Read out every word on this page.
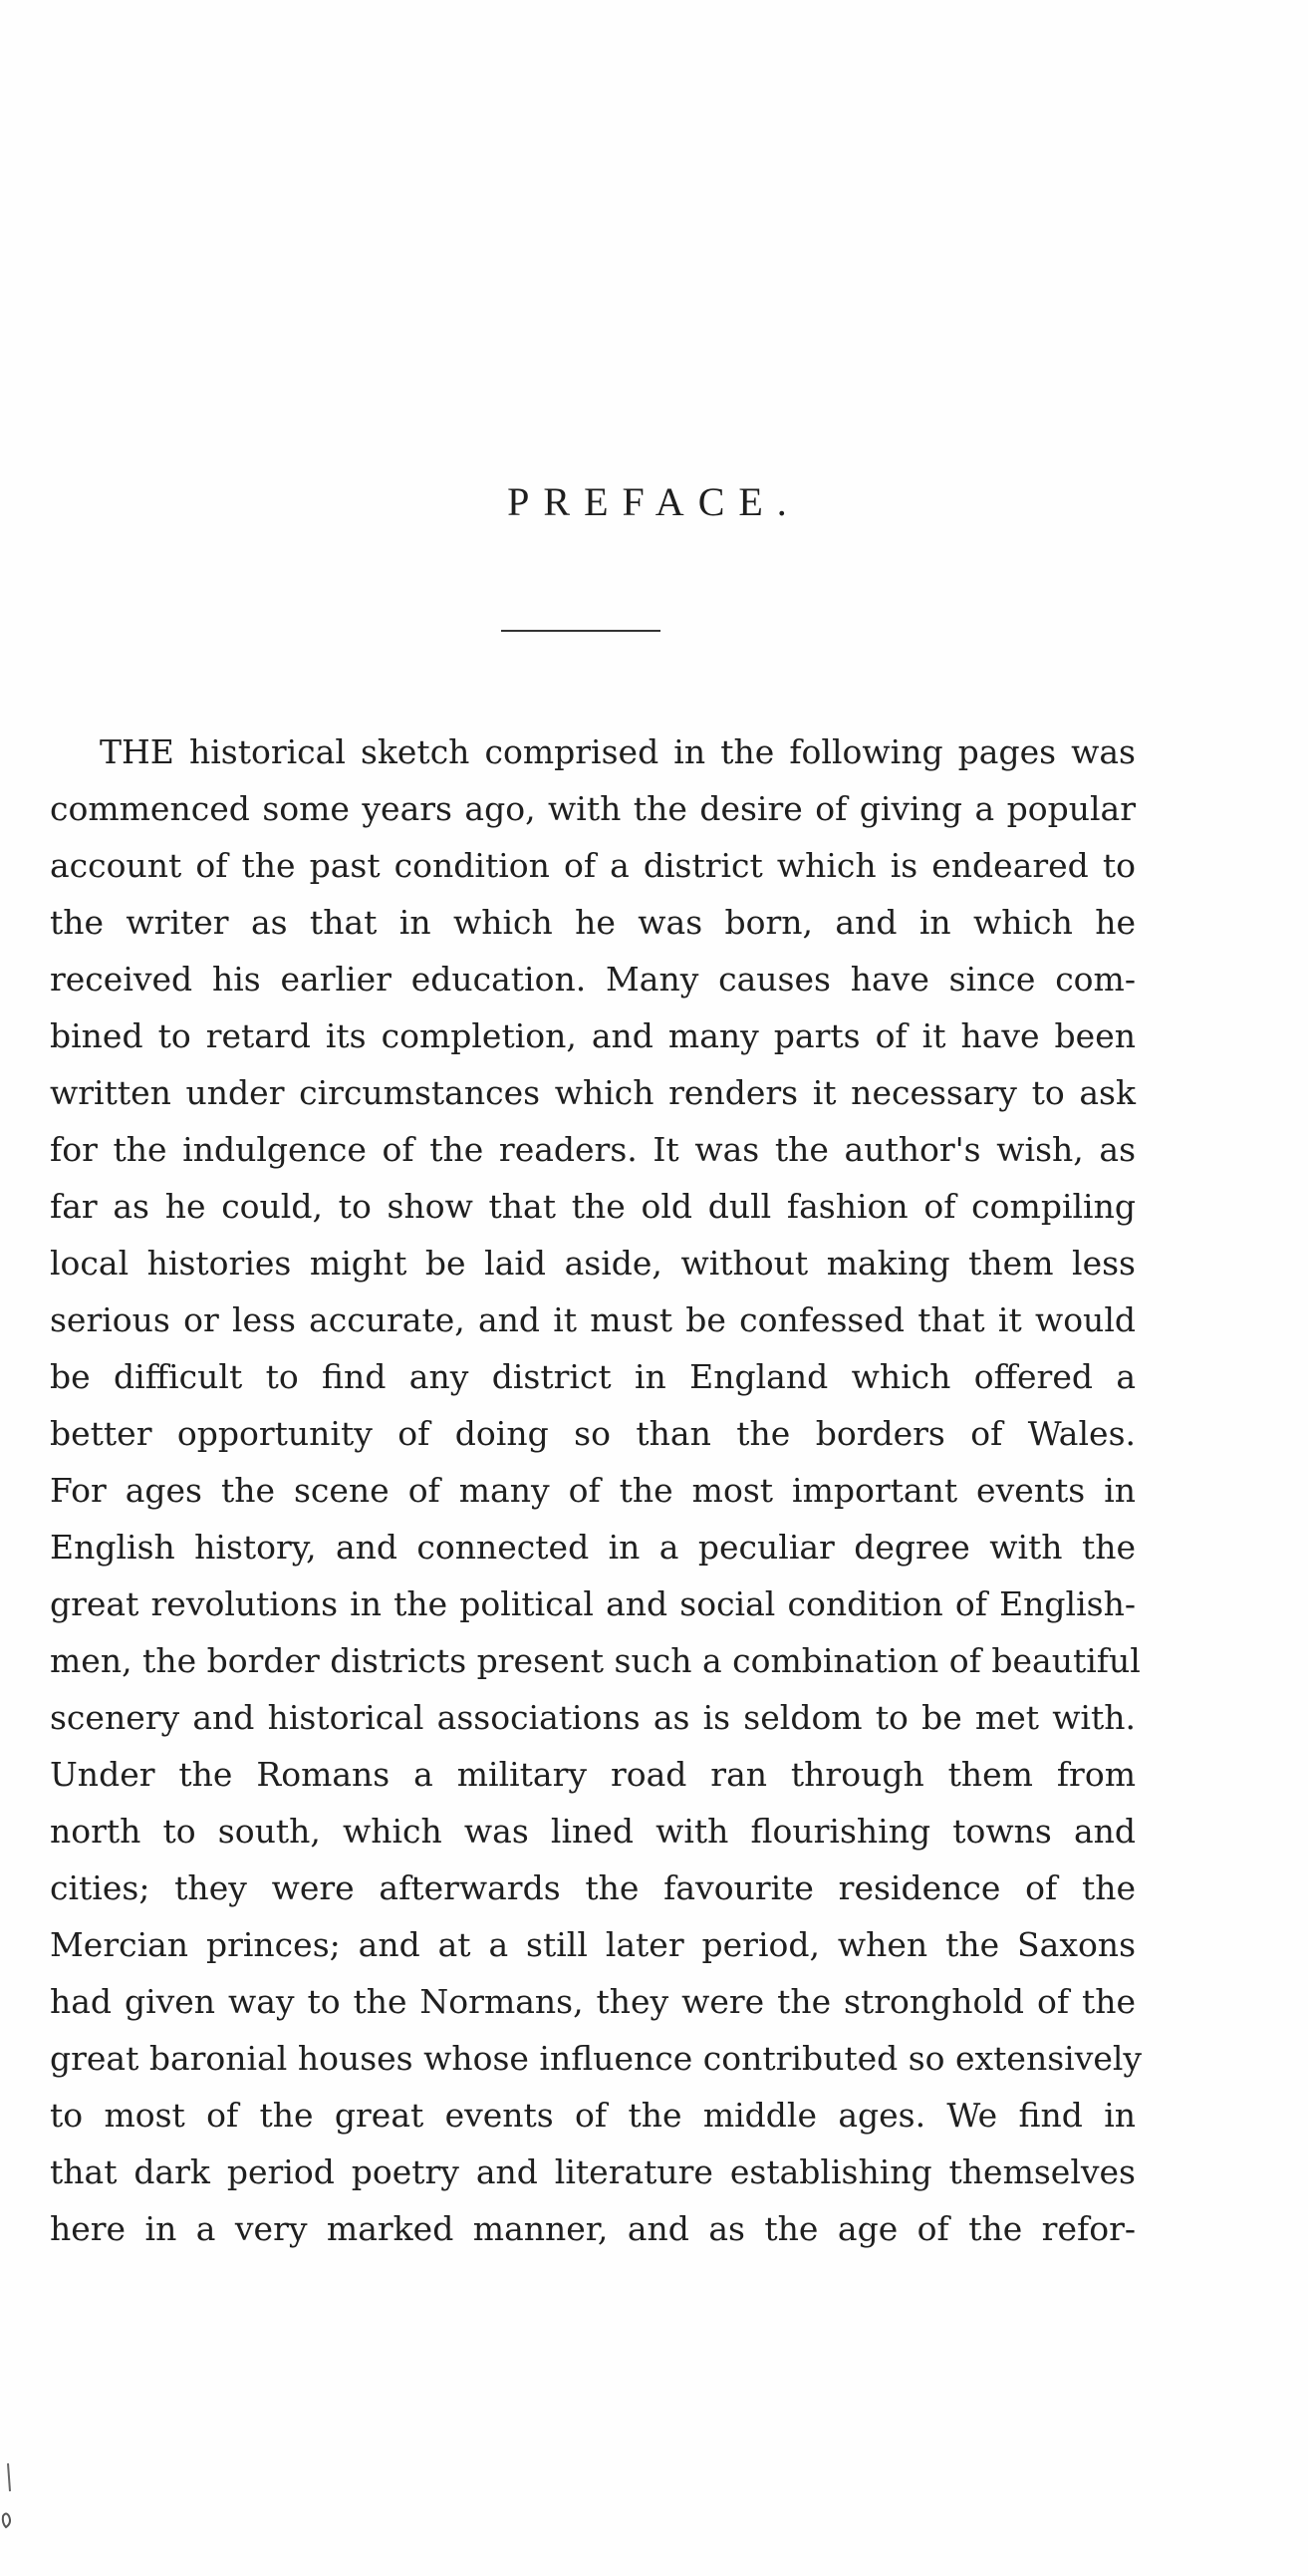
PREFACE.
THE historical sketch comprised in the following pages was
commenced some years ago, with the desire of giving a popular
account of the past condition of a district which is endeared to
the writer as that in which he was born, and in which he
received his earlier education. Many causes have since com-
bined to retard its completion, and many parts of it have been
written under circumstances which renders it necessary to ask
for the indulgence of the readers. It was the author's wish, as
far as he could, to show that the old dull fashion of compiling
local histories might be laid aside, without making them less
serious or less accurate, and it must be confessed that it would
be difficult to find any district in England which offered a
better opportunity of doing so than the borders of Wales.
For ages the scene of many of the most important events in
English history, and connected in a peculiar degree with the
great revolutions in the political and social condition of English-
men, the border districts present such a combination of beautiful
scenery and historical associations as is seldom to be met with.
Under the Romans a military road ran through them from
north to south, which was lined with flourishing towns and
cities; they were afterwards the favourite residence of the
Mercian princes; and at a still later period, when the Saxons
had given way to the Normans, they were the stronghold of the
great baronial houses whose influence contributed so extensively
to most of the great events of the middle ages. We find in
that dark period poetry and literature establishing themselves
here in a very marked manner, and as the age of the refor-
